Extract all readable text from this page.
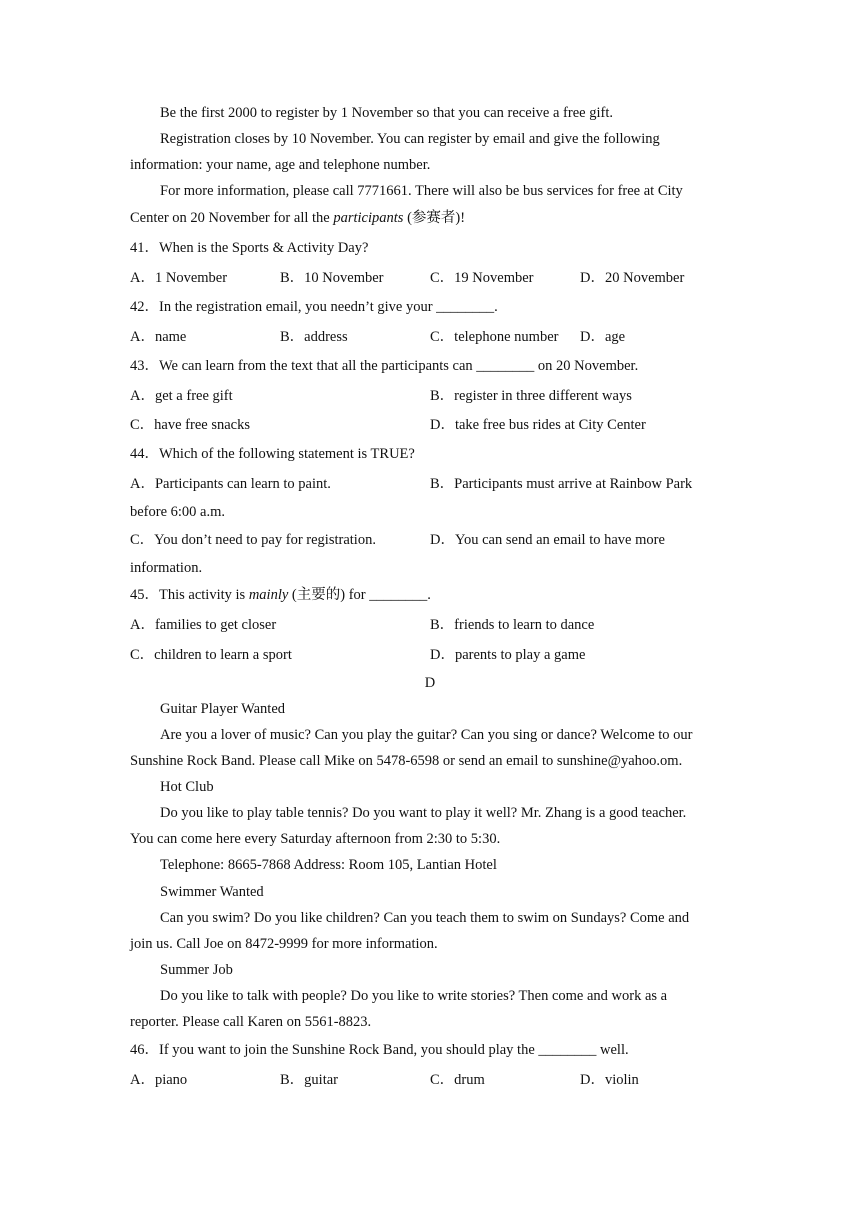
Be the first 2000 to register by 1 November so that you can receive a free gift.
Registration closes by 10 November. You can register by email and give the following
information: your name, age and telephone number.
For more information, please call 7771661. There will also be bus services for free at City
Center on 20 November for all the participants (参赛者)!
41．When is the Sports & Activity Day?
A．1 November	B．10 November	C．19 November	D．20 November
42．In the registration email, you needn’t give your ________.
A．name	B．address	C．telephone number D．age
43．We can learn from the text that all the participants can ________ on 20 November.
A．get a free gift	B．register in three different ways
C．have free snacks	D．take free bus rides at City Center
44．Which of the following statement is TRUE?
A．Participants can learn to paint.	B．Participants must arrive at Rainbow Park
before 6:00 a.m.
C．You don’t need to pay for registration.	D．You can send an email to have more
information.
45．This activity is mainly (主要的) for ________.
A．families to get closer	B．friends to learn to dance
C．children to learn a sport	D．parents to play a game
D
Guitar Player Wanted
Are you a lover of music? Can you play the guitar? Can you sing or dance? Welcome to our
Sunshine Rock Band. Please call Mike on 5478-6598 or send an email to sunshine@yahoo.om.
Hot Club
Do you like to play table tennis? Do you want to play it well? Mr. Zhang is a good teacher.
You can come here every Saturday afternoon from 2:30 to 5:30.
Telephone: 8665-7868 Address: Room 105, Lantian Hotel
Swimmer Wanted
Can you swim? Do you like children? Can you teach them to swim on Sundays? Come and
join us. Call Joe on 8472-9999 for more information.
Summer Job
Do you like to talk with people? Do you like to write stories? Then come and work as a
reporter. Please call Karen on 5561-8823.
46．If you want to join the Sunshine Rock Band, you should play the ________ well.
A．piano	B．guitar	C．drum	D．violin
